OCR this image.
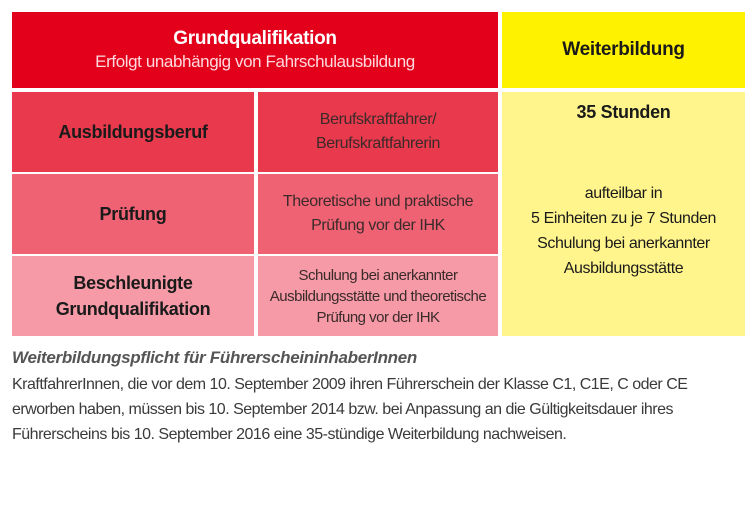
Grundqualifikation
Erfolgt unabhängig von Fahrschulausbildung
Weiterbildung
Ausbildungsberuf
Berufskraftfahrer/
Berufskraftfahrerin
Prüfung
Theoretische und praktische
Prüfung vor der IHK
Beschleunigte
Grundqualifikation
Schulung bei anerkannter
Ausbildungsstätte und theoretische
Prüfung vor der IHK
35 Stunden
aufteilbar in
5 Einheiten zu je 7 Stunden
Schulung bei anerkannter
Ausbildungsstätte

Weiterbildungspflicht für FührerscheininhaberInnen

KraftfahrerInnen, die vor dem 10. September 2009 ihren Führerschein der Klasse C1, C1E, C oder CE
erworben haben, müssen bis 10. September 2014 bzw. bei Anpassung an die Gültigkeitsdauer ihres
Führerscheins bis 10. September 2016 eine 35-stündige Weiterbildung nachweisen.
